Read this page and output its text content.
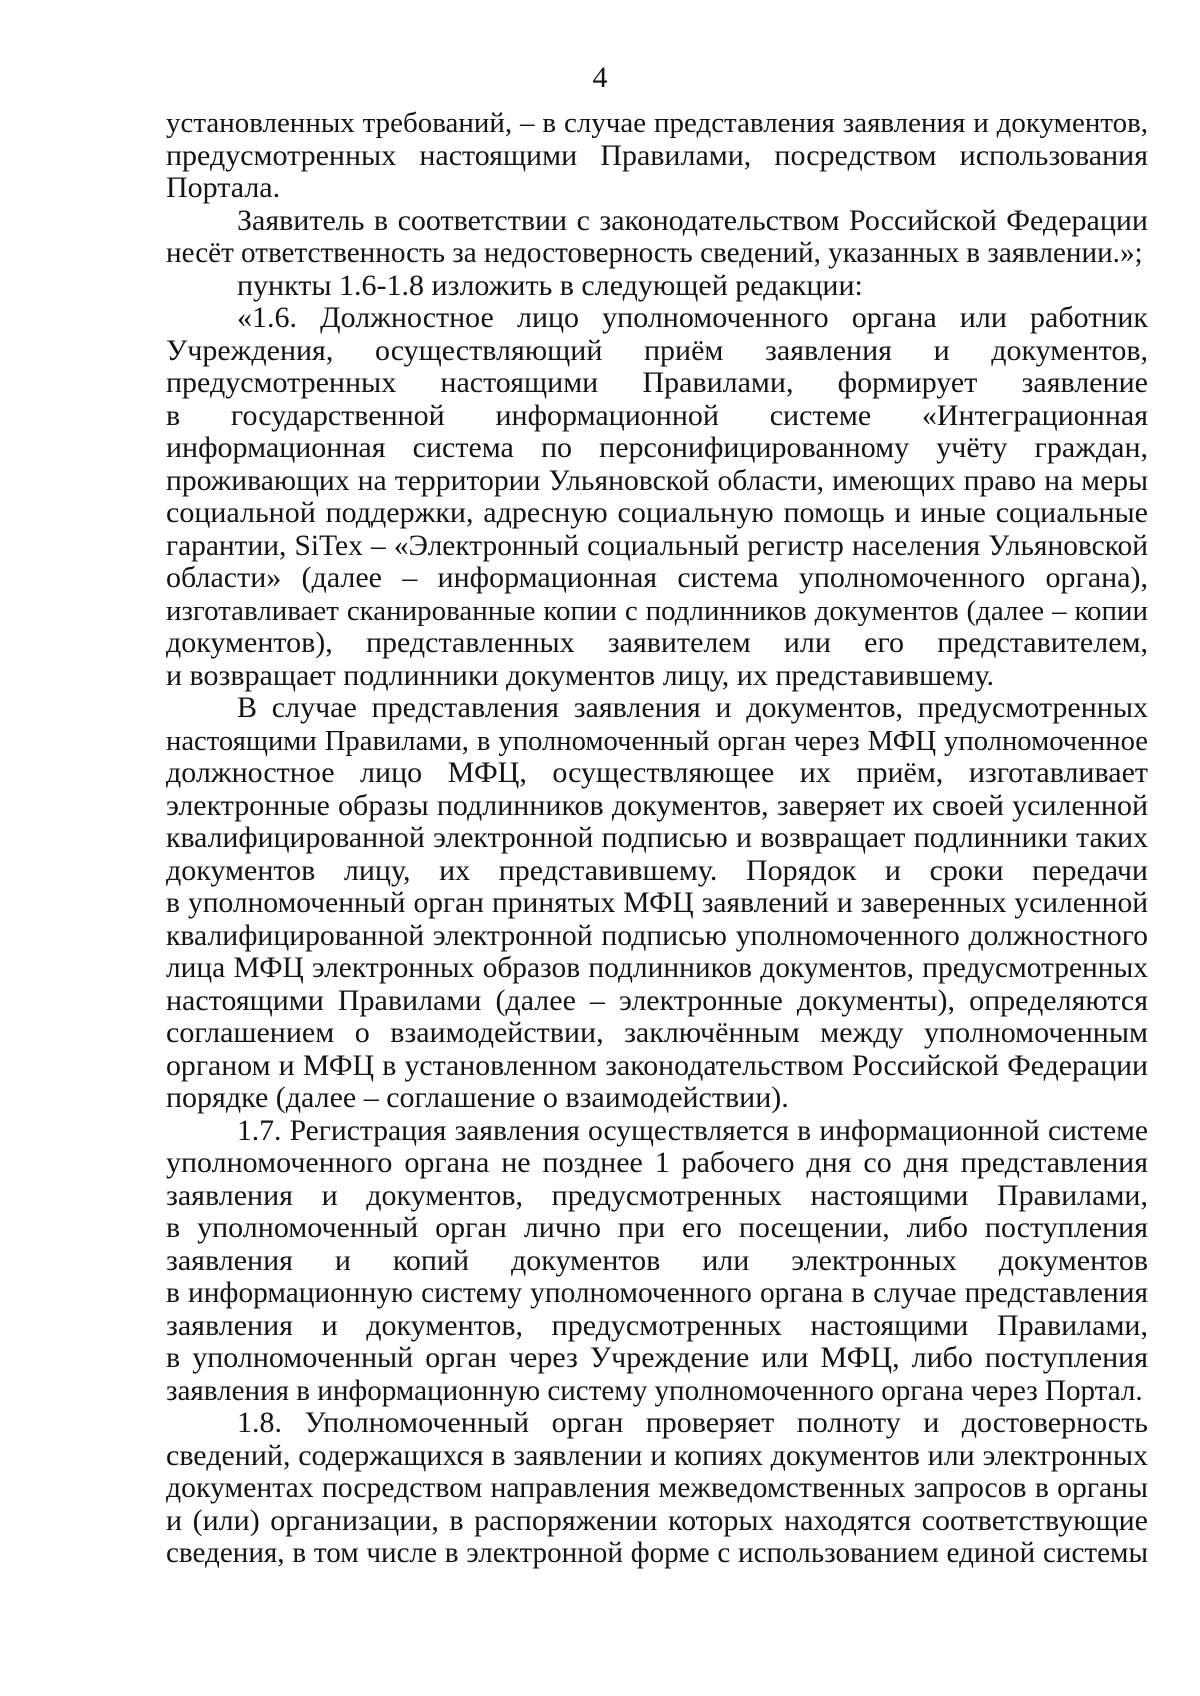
4
установленных требований, – в случае представления заявления и документов,
предусмотренных настоящими Правилами, посредством использования
Портала.
Заявитель в соответствии с законодательством Российской Федерации
несёт ответственность за недостоверность сведений, указанных в заявлении.»;
пункты 1.6-1.8 изложить в следующей редакции:
«1.6. Должностное лицо уполномоченного органа или работник
Учреждения, осуществляющий приём заявления и документов,
предусмотренных настоящими Правилами, формирует заявление
в государственной информационной системе «Интеграционная
информационная система по персонифицированному учёту граждан,
проживающих на территории Ульяновской области, имеющих право на меры
социальной поддержки, адресную социальную помощь и иные социальные
гарантии, SiTex – «Электронный социальный регистр населения Ульяновской
области» (далее – информационная система уполномоченного органа),
изготавливает сканированные копии с подлинников документов (далее – копии
документов), представленных заявителем или его представителем,
и возвращает подлинники документов лицу, их представившему.
В случае представления заявления и документов, предусмотренных
настоящими Правилами, в уполномоченный орган через МФЦ уполномоченное
должностное лицо МФЦ, осуществляющее их приём, изготавливает
электронные образы подлинников документов, заверяет их своей усиленной
квалифицированной электронной подписью и возвращает подлинники таких
документов лицу, их представившему. Порядок и сроки передачи
в уполномоченный орган принятых МФЦ заявлений и заверенных усиленной
квалифицированной электронной подписью уполномоченного должностного
лица МФЦ электронных образов подлинников документов, предусмотренных
настоящими Правилами (далее – электронные документы), определяются
соглашением о взаимодействии, заключённым между уполномоченным
органом и МФЦ в установленном законодательством Российской Федерации
порядке (далее – соглашение о взаимодействии).
1.7. Регистрация заявления осуществляется в информационной системе
уполномоченного органа не позднее 1 рабочего дня со дня представления
заявления и документов, предусмотренных настоящими Правилами,
в уполномоченный орган лично при его посещении, либо поступления
заявления и копий документов или электронных документов
в информационную систему уполномоченного органа в случае представления
заявления и документов, предусмотренных настоящими Правилами,
в уполномоченный орган через Учреждение или МФЦ, либо поступления
заявления в информационную систему уполномоченного органа через Портал.
1.8. Уполномоченный орган проверяет полноту и достоверность
сведений, содержащихся в заявлении и копиях документов или электронных
документах посредством направления межведомственных запросов в органы
и (или) организации, в распоряжении которых находятся соответствующие
сведения, в том числе в электронной форме с использованием единой системы
